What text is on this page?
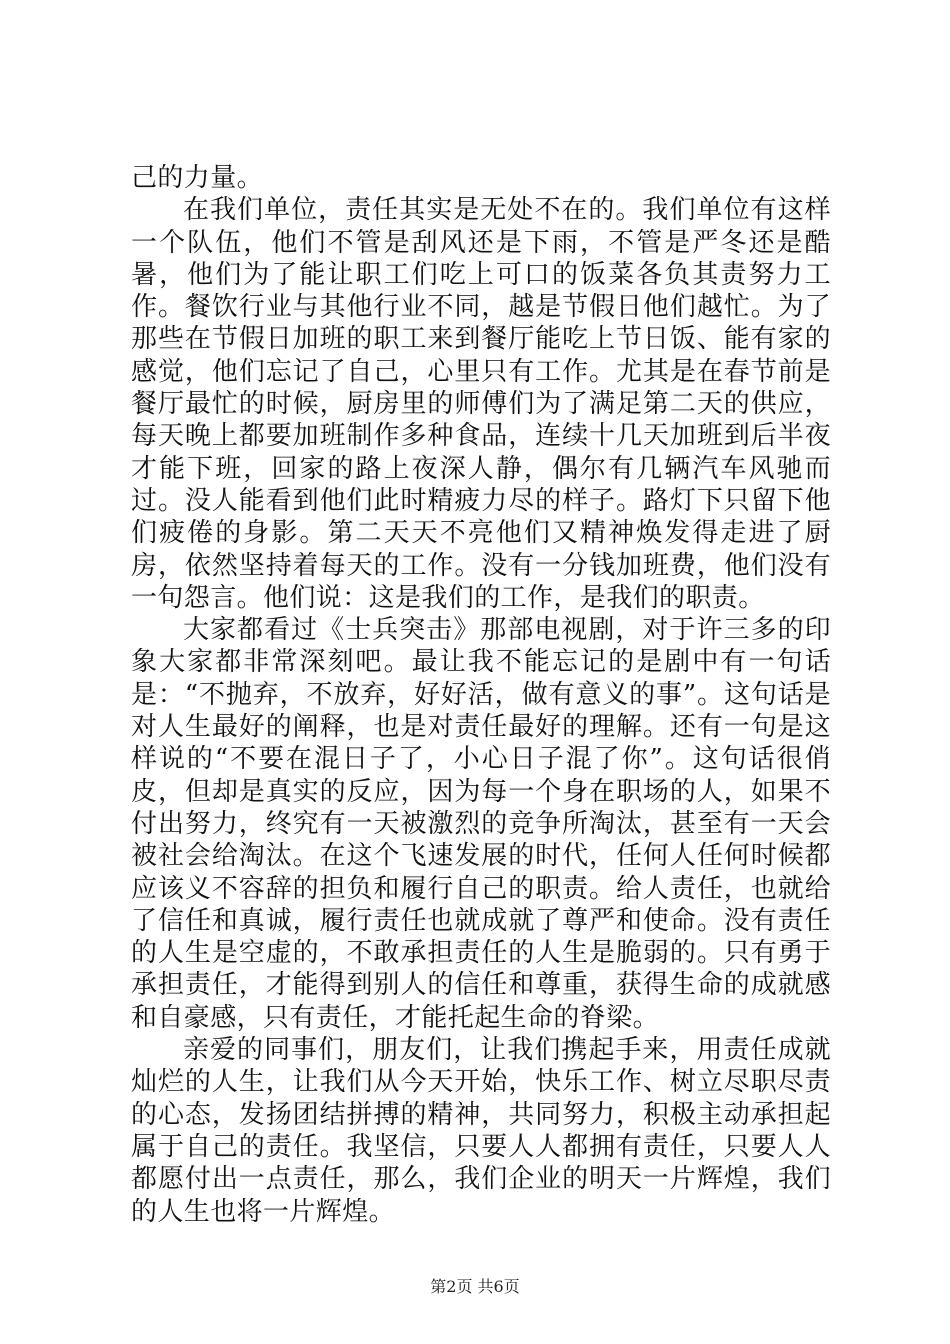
己的力量。

在我们单位，责任其实是无处不在的。我们单位有这样一个队伍，他们不管是刮风还是下雨，不管是严冬还是酷暑，他们为了能让职工们吃上可口的饭菜各负其责努力工作。餐饮行业与其他行业不同，越是节假日他们越忙。为了那些在节假日加班的职工来到餐厅能吃上节日饭、能有家的感觉，他们忘记了自己，心里只有工作。尤其是在春节前是餐厅最忙的时候，厨房里的师傅们为了满足第二天的供应，每天晚上都要加班制作多种食品，连续十几天加班到后半夜才能下班，回家的路上夜深人静，偶尔有几辆汽车风驰而过。没人能看到他们此时精疲力尽的样子。路灯下只留下他们疲倦的身影。第二天天不亮他们又精神焕发得走进了厨房，依然坚持着每天的工作。没有一分钱加班费，他们没有一句怨言。他们说：这是我们的工作，是我们的职责。

大家都看过《士兵突击》那部电视剧，对于许三多的印象大家都非常深刻吧。最让我不能忘记的是剧中有一句话是：“不抛弃，不放弃，好好活，做有意义的事”。这句话是对人生最好的阐释，也是对责任最好的理解。还有一句是这样说的“不要在混日子了，小心日子混了你”。这句话很俏皮，但却是真实的反应，因为每一个身在职场的人，如果不付出努力，终究有一天被激烈的竞争所淘汰，甚至有一天会被社会给淘汰。在这个飞速发展的时代，任何人任何时候都应该义不容辞的担负和履行自己的职责。给人责任，也就给了信任和真诚，履行责任也就成就了尊严和使命。没有责任的人生是空虚的，不敢承担责任的人生是脆弱的。只有勇于承担责任，才能得到别人的信任和尊重，获得生命的成就感和自豪感，只有责任，才能托起生命的脊梁。

亲爱的同事们，朋友们，让我们携起手来，用责任成就灿烂的人生，让我们从今天开始，快乐工作、树立尽职尽责的心态，发扬团结拼搏的精神，共同努力，积极主动承担起属于自己的责任。我坚信，只要人人都拥有责任，只要人人都愿付出一点责任，那么，我们企业的明天一片辉煌，我们的人生也将一片辉煌。

第2页 共6页
